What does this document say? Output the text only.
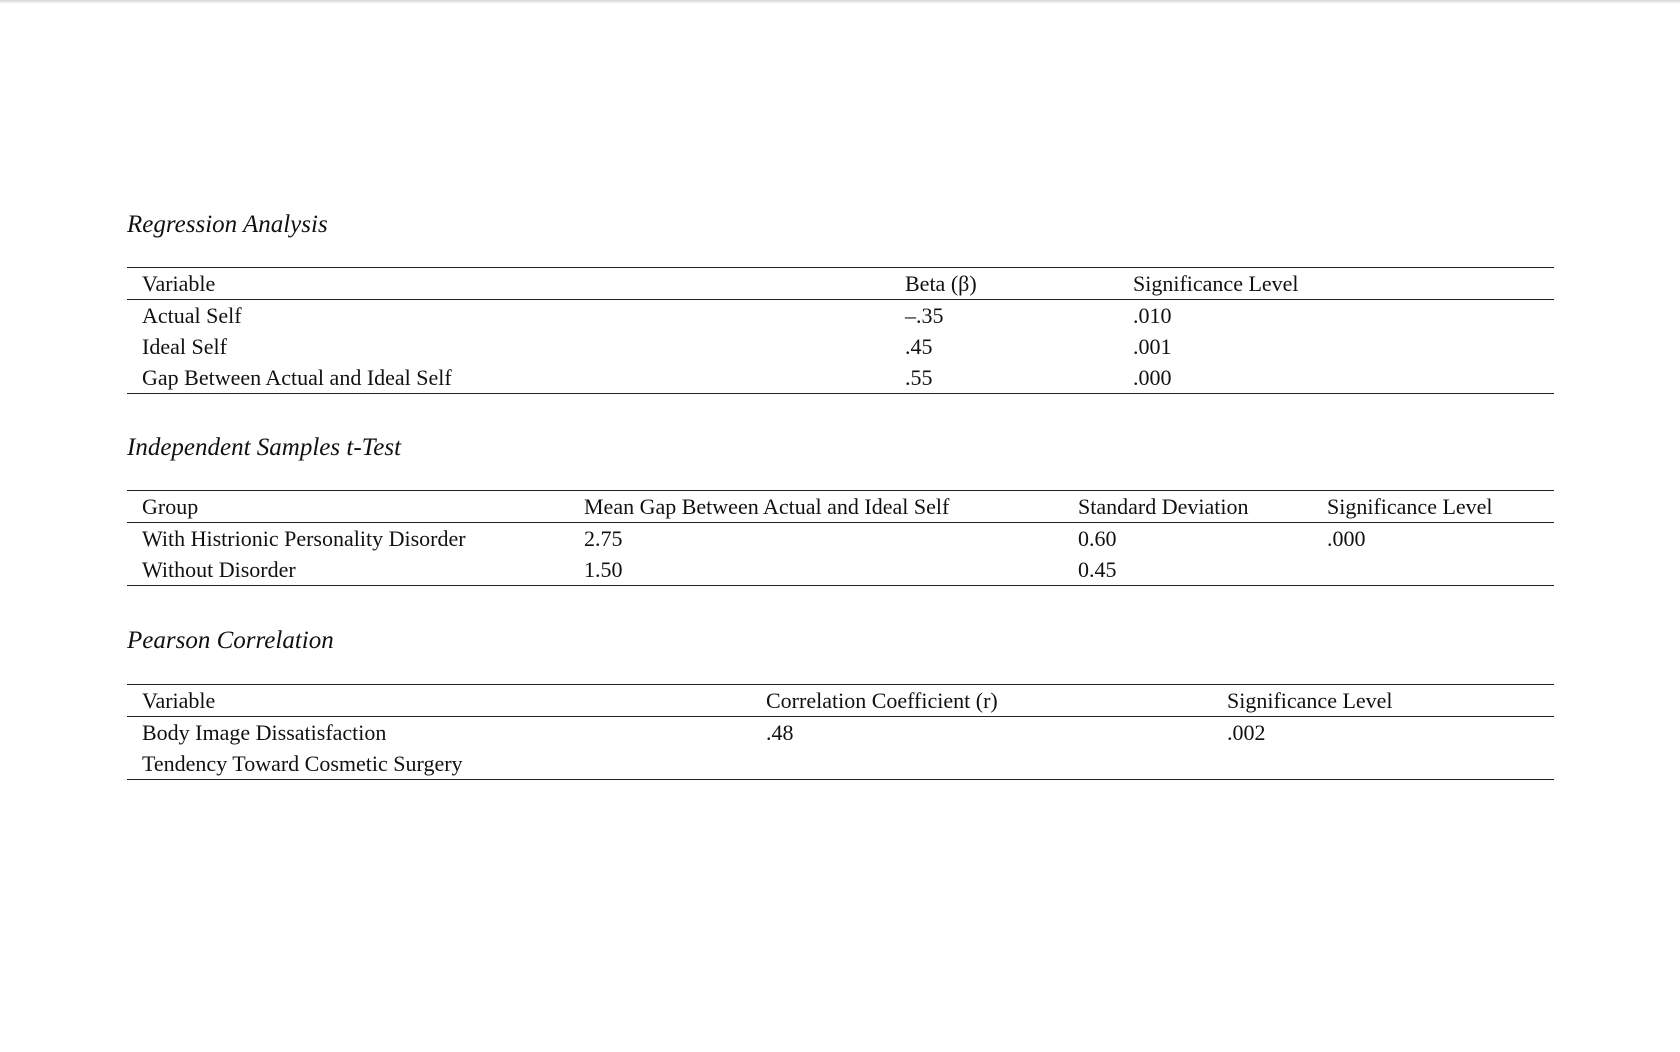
Regression Analysis
Variable	Beta (β)	Significance Level
Actual Self	–.35	.010
Ideal Self	.45	.001
Gap Between Actual and Ideal Self	.55	.000
Independent Samples t-Test
Group	Mean Gap Between Actual and Ideal Self	Standard Deviation	Significance Level
With Histrionic Personality Disorder	2.75	0.60	.000
Without Disorder	1.50	0.45
Pearson Correlation
Variable	Correlation Coefficient (r)	Significance Level
Body Image Dissatisfaction	.48	.002
Tendency Toward Cosmetic Surgery
